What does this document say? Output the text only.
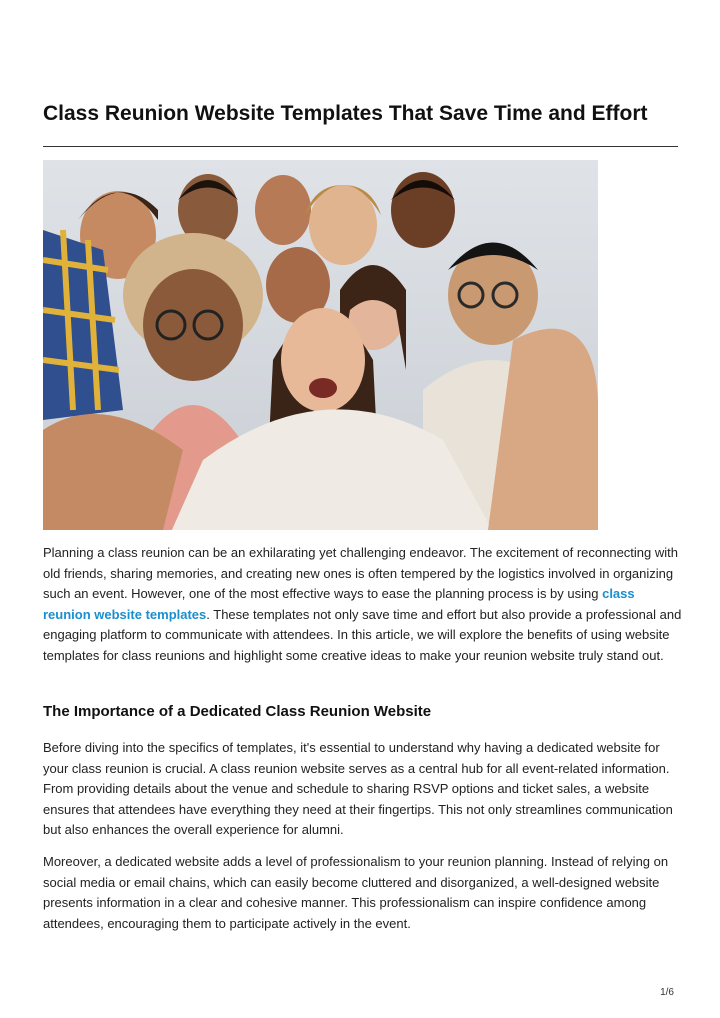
Class Reunion Website Templates That Save Time and Effort

Planning a class reunion can be an exhilarating yet challenging endeavor. The excitement of reconnecting with old friends, sharing memories, and creating new ones is often tempered by the logistics involved in organizing such an event. However, one of the most effective ways to ease the planning process is by using class reunion website templates. These templates not only save time and effort but also provide a professional and engaging platform to communicate with attendees. In this article, we will explore the benefits of using website templates for class reunions and highlight some creative ideas to make your reunion website truly stand out.

The Importance of a Dedicated Class Reunion Website

Before diving into the specifics of templates, it's essential to understand why having a dedicated website for your class reunion is crucial. A class reunion website serves as a central hub for all event-related information. From providing details about the venue and schedule to sharing RSVP options and ticket sales, a website ensures that attendees have everything they need at their fingertips. This not only streamlines communication but also enhances the overall experience for alumni.

Moreover, a dedicated website adds a level of professionalism to your reunion planning. Instead of relying on social media or email chains, which can easily become cluttered and disorganized, a well-designed website presents information in a clear and cohesive manner. This professionalism can inspire confidence among attendees, encouraging them to participate actively in the event.

1/6
